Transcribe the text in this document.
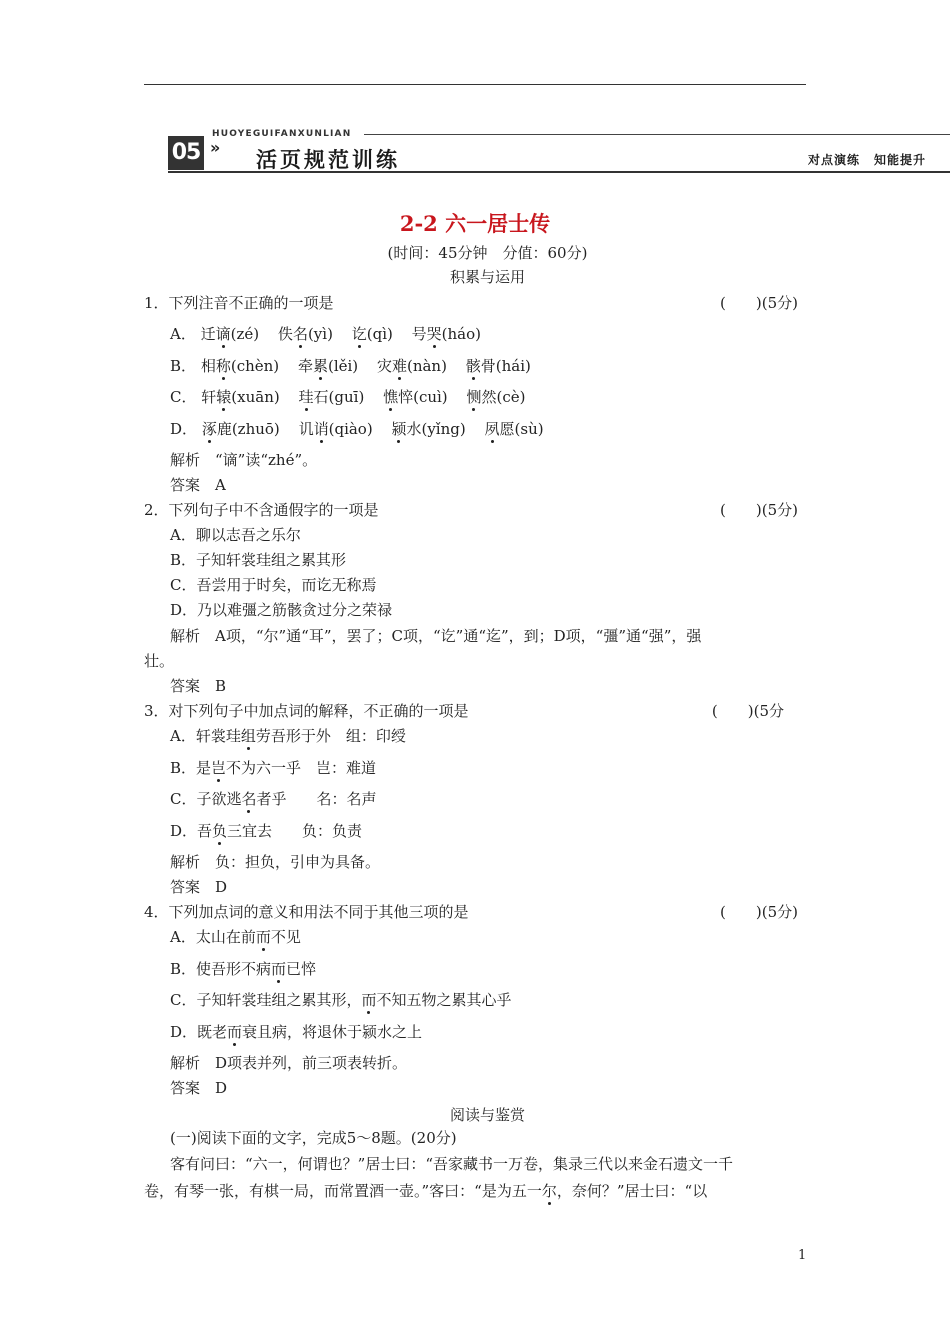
05 »
HUOYEGUIFANXUNLIAN
活页规范训练	对点演练 知能提升
2-2 六一居士传
(时间：45分钟　分值：60分)
积累与运用
1．下列注音不正确的一项是	(　　)(5分)
A． 迁谪(zé) 佚名(yì) 讫(qì) 号哭(háo)
B． 相称(chèn) 牵累(lěi) 灾难(nàn) 骸骨(hái)
C． 轩辕(xuān) 珪石(guī) 憔悴(cuì) 恻然(cè)
D． 涿鹿(zhuō) 讥诮(qiào) 颍水(yǐng) 夙愿(sù)
解析　“谪”读“zhé”。
答案　A
2．下列句子中不含通假字的一项是	(　　)(5分)
A．聊以志吾之乐尔
B．子知轩裳珪组之累其形
C．吾尝用于时矣，而讫无称焉
D．乃以难彊之筋骸贪过分之荣禄
解析　A项，“尔”通“耳”，罢了；C项，“讫”通“迄”，到；D项，“彊”通“强”，强
壮。
答案　B
3．对下列句子中加点词的解释，不正确的一项是	(　　)(5分
A．轩裳珪组劳吾形于外　组：印绶
B．是岂不为六一乎　岂：难道
C．子欲逃名者乎　　名：名声
D．吾负三宜去　　负：负责
解析　负：担负，引申为具备。
答案　D
4．下列加点词的意义和用法不同于其他三项的是	(　　)(5分)
A．太山在前而不见
B．使吾形不病而已悴
C．子知轩裳珪组之累其形，而不知五物之累其心乎
D．既老而衰且病，将退休于颍水之上
解析　D项表并列，前三项表转折。
答案　D
阅读与鉴赏
(一)阅读下面的文字，完成5～8题。(20分)
客有问曰：“六一，何谓也？”居士曰：“吾家藏书一万卷，集录三代以来金石遗文一千
卷，有琴一张，有棋一局，而常置酒一壶。”客曰：“是为五一尔，奈何？”居士曰：“以
1
